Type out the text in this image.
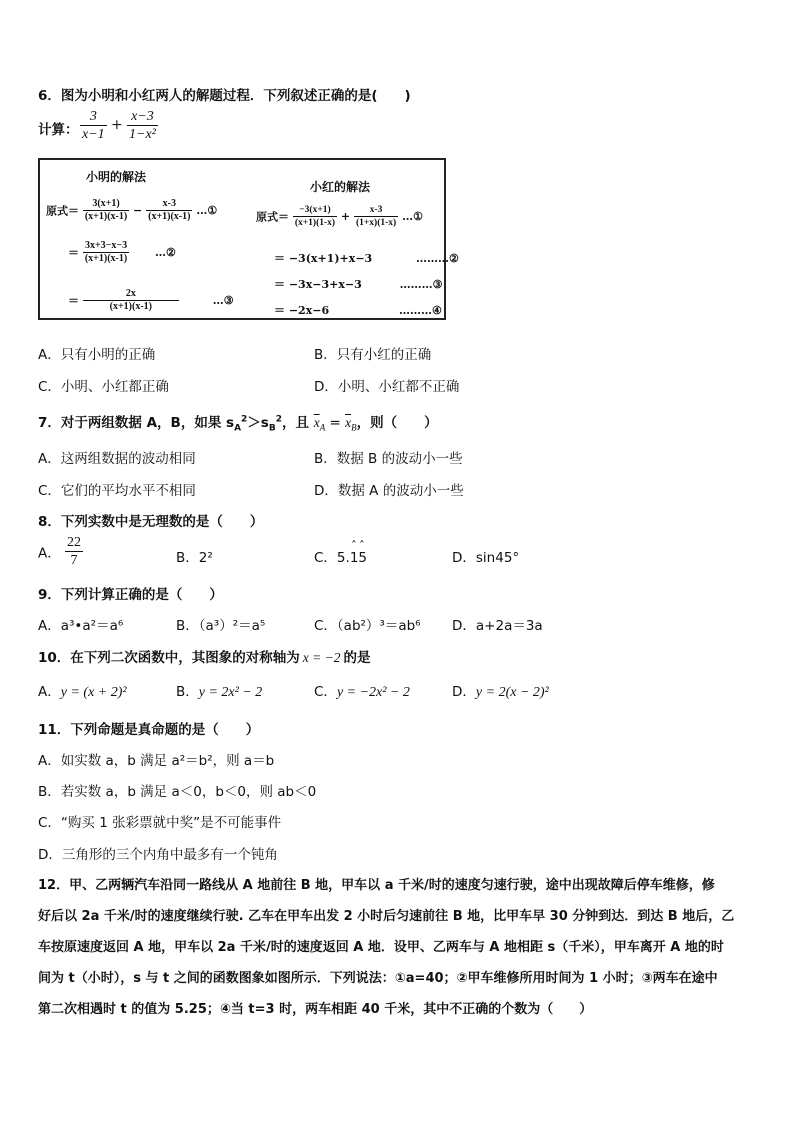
6．图为小明和小红两人的解题过程．下列叙述正确的是(　　)
计算： $\frac{3}{x-1} + \frac{x-3}{\text{1−x²}}$
小明的解法
小红的解法
原式＝ $\frac{3(x+1)}{(x+1)(x-1)} - \frac{x-3}{(x+1)(x-1)}$ …①
＝ $\frac{3x+3-x-3}{(x+1)(x-1)}$ …②
＝ $\frac{2x}{(x+1)(x-1)}$	…③
原式＝ $\frac{-3(x+1)}{(x+1)(1-x)} + \frac{x-3}{(1+x)(1-x)}$ …①
＝ −3(x+1)+x−3	………②
＝ −3x−3+x−3	………③
＝ −2x−6	………④
A．只有小明的正确	B．只有小红的正确
C．小明、小红都正确	D．小明、小红都不正确
7．对于两组数据 A，B，如果 $s_A^2>s_B^2$，且 $\overline{x}_A = \overline{x}_B$，则（　　）
A．这两组数据的波动相同	B．数据 B 的波动小一些
C．它们的平均水平不相同	D．数据 A 的波动小一些
8．下列实数中是无理数的是（　　）
A． $\frac{22}{7}$	B．2²	C．5.
ˆˆ
15	D．sin45°
9．下列计算正确的是（　　）
A．a³•a²＝a⁶	B．（a³）²＝a⁵	C．（ab²）³＝ab⁶ D．a+2a＝3a
10．在下列二次函数中，其图象的对称轴为 x = −2 的是
A．y = (x + 2)²	B．y = 2x² − 2	C．y = −2x² − 2	D．y = 2(x − 2)²
11．下列命题是真命题的是（　　）
A．如实数 a，b 满足 a²＝b²，则 a＝b
B．若实数 a，b 满足 a＜0，b＜0，则 ab＜0
C．“购买 1 张彩票就中奖”是不可能事件
D．三角形的三个内角中最多有一个钝角
12．甲、乙两辆汽车沿同一路线从 A 地前往 B 地，甲车以 a 千米/时的速度匀速行驶，途中出现故障后停车维修，修
好后以 2a 千米/时的速度继续行驶. 乙车在甲车出发 2 小时后匀速前往 B 地，比甲车早 30 分钟到达．到达 B 地后，乙
车按原速度返回 A 地，甲车以 2a 千米/时的速度返回 A 地．设甲、乙两车与 A 地相距 s（千米），甲车离开 A 地的时
间为 t（小时），s 与 t 之间的函数图象如图所示．下列说法：①a=40；②甲车维修所用时间为 1 小时；③两车在途中
第二次相遇时 t 的值为 5.25；④当 t=3 时，两车相距 40 千米，其中不正确的个数为（　　）
